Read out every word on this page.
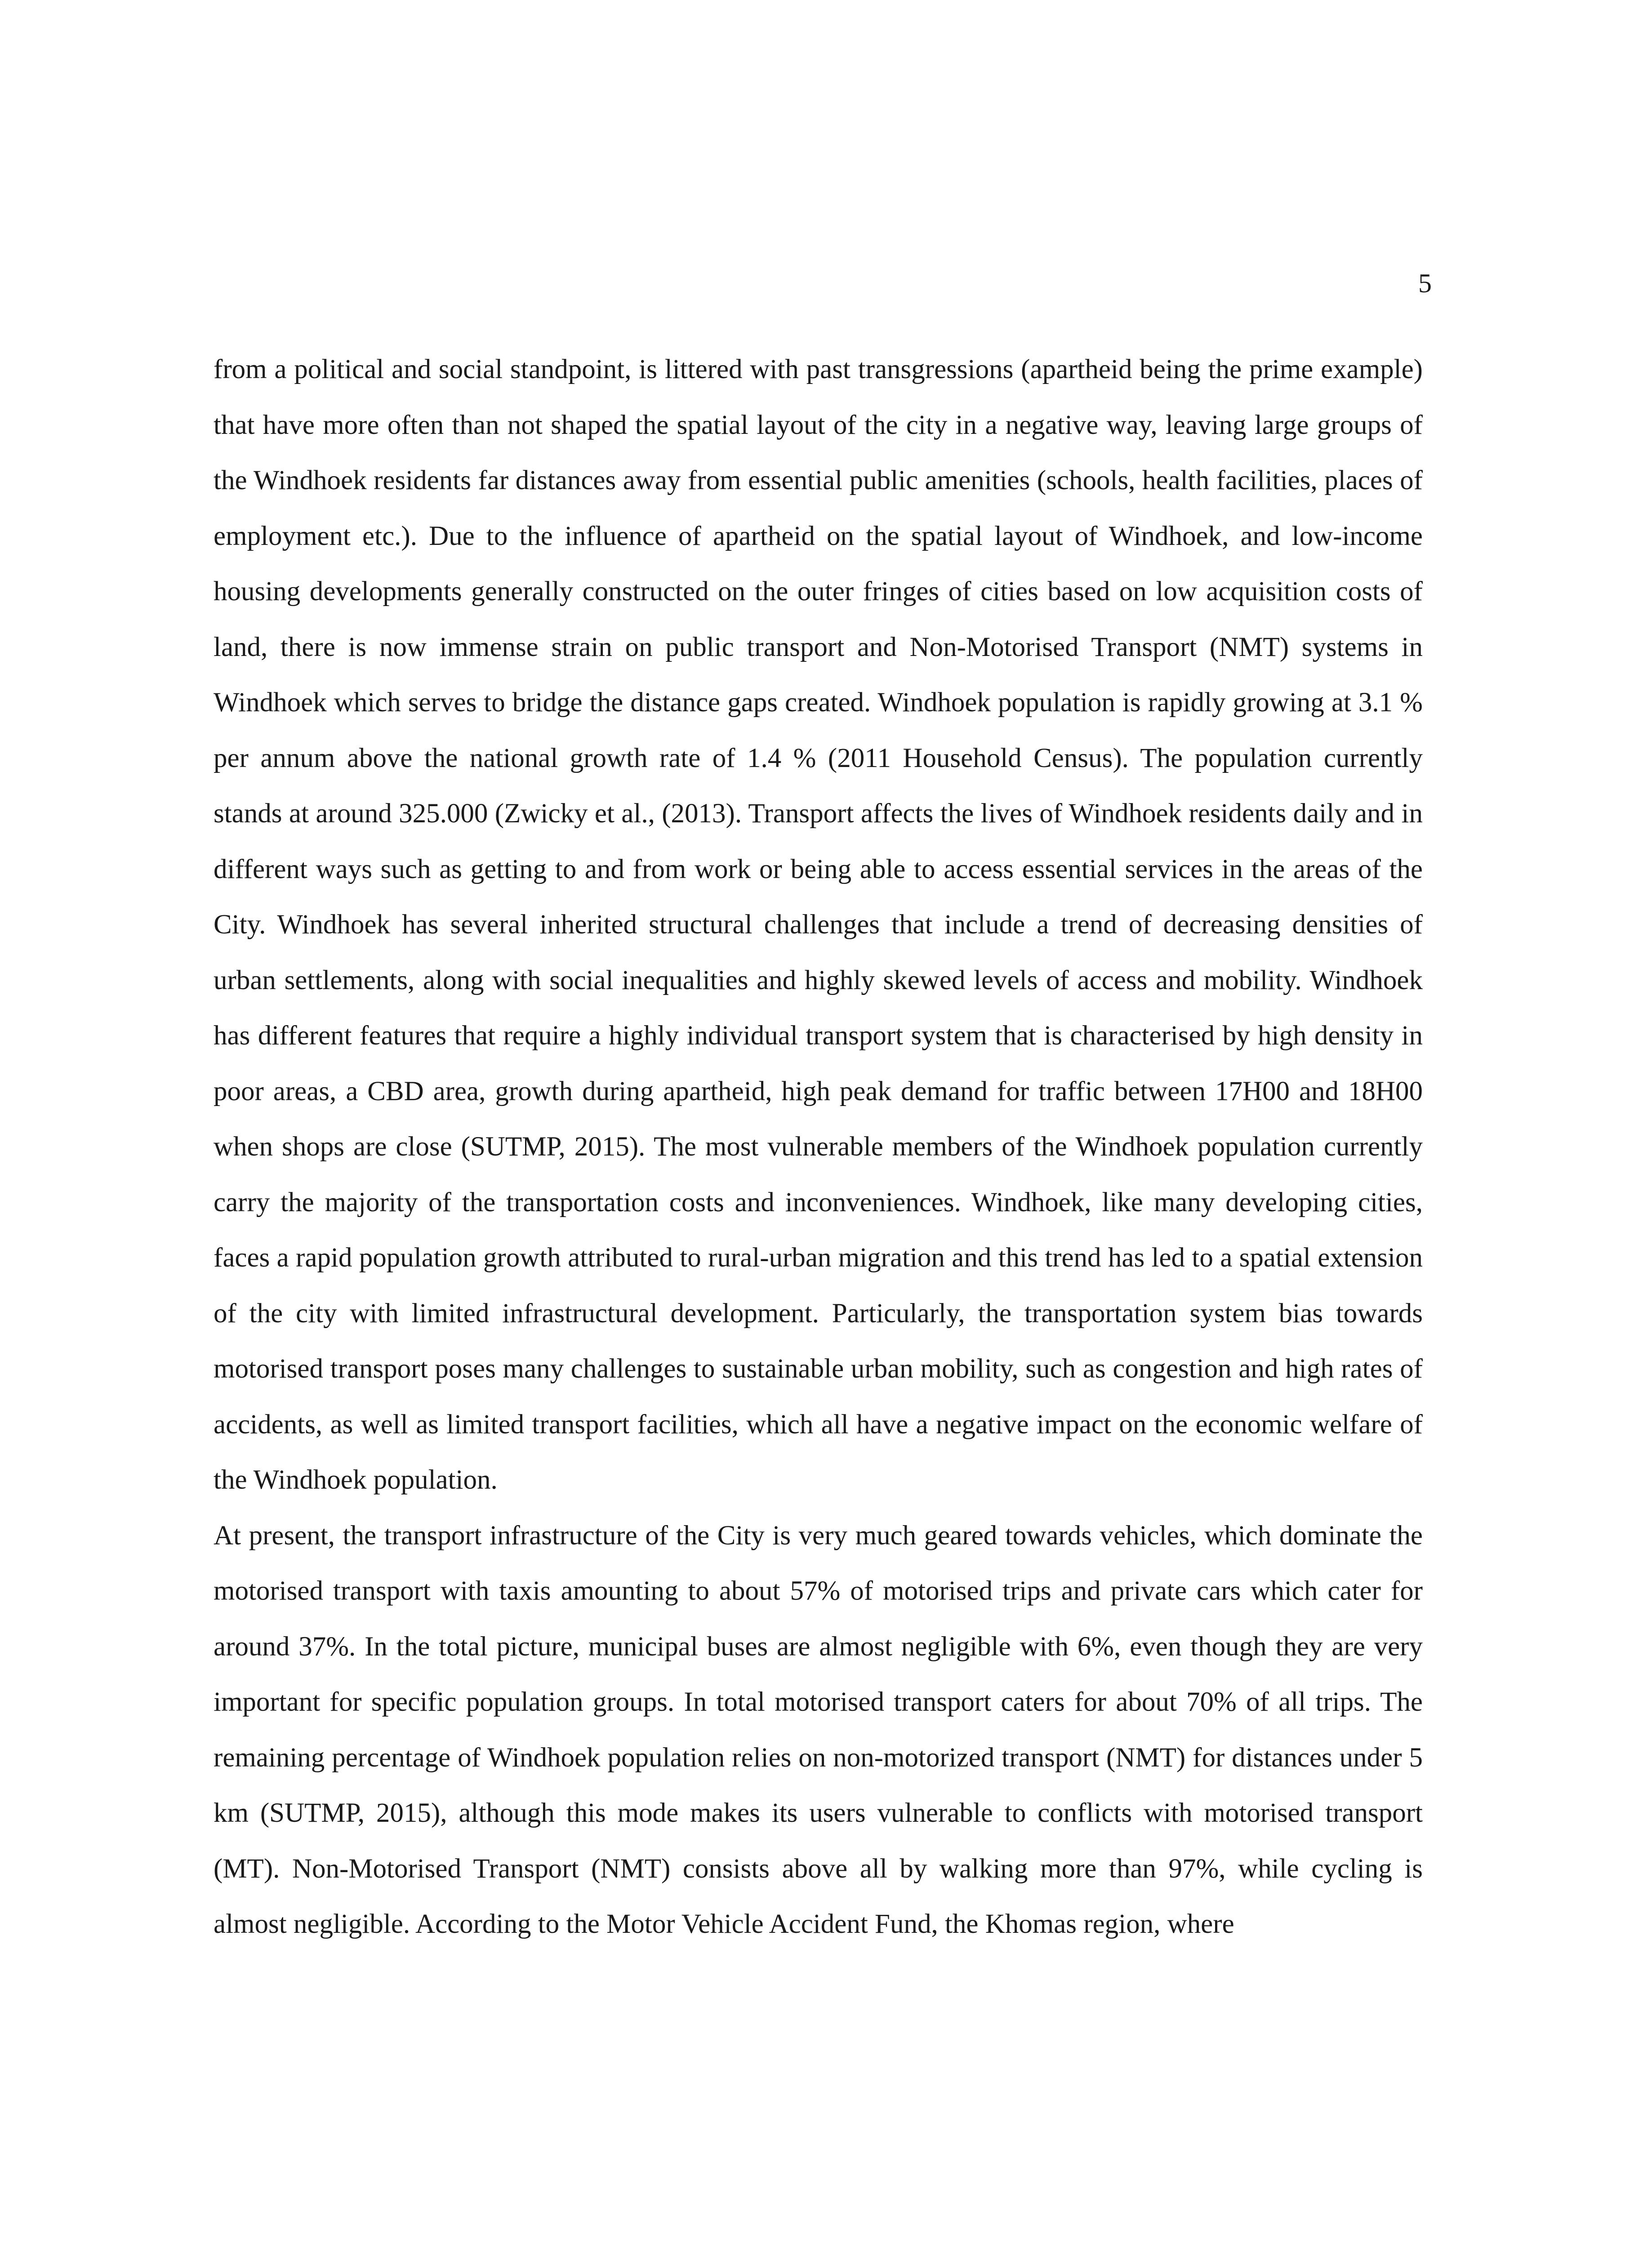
5

from a political and social standpoint, is littered with past transgressions (apartheid being the prime example) that have more often than not shaped the spatial layout of the city in a negative way, leaving large groups of the Windhoek residents far distances away from essential public amenities (schools, health facilities, places of employment etc.). Due to the influence of apartheid on the spatial layout of Windhoek, and low-income housing developments generally constructed on the outer fringes of cities based on low acquisition costs of land, there is now immense strain on public transport and Non-Motorised Transport (NMT) systems in Windhoek which serves to bridge the distance gaps created. Windhoek population is rapidly growing at 3.1 % per annum above the national growth rate of 1.4 % (2011 Household Census). The population currently stands at around 325.000 (Zwicky et al., (2013). Transport affects the lives of Windhoek residents daily and in different ways such as getting to and from work or being able to access essential services in the areas of the City. Windhoek has several inherited structural challenges that include a trend of decreasing densities of urban settlements, along with social inequalities and highly skewed levels of access and mobility. Windhoek has different features that require a highly individual transport system that is characterised by high density in poor areas, a CBD area, growth during apartheid, high peak demand for traffic between 17H00 and 18H00 when shops are close (SUTMP, 2015). The most vulnerable members of the Windhoek population currently carry the majority of the transportation costs and inconveniences. Windhoek, like many developing cities, faces a rapid population growth attributed to rural-urban migration and this trend has led to a spatial extension of the city with limited infrastructural development. Particularly, the transportation system bias towards motorised transport poses many challenges to sustainable urban mobility, such as congestion and high rates of accidents, as well as limited transport facilities, which all have a negative impact on the economic welfare of the Windhoek population.

At present, the transport infrastructure of the City is very much geared towards vehicles, which dominate the motorised transport with taxis amounting to about 57% of motorised trips and private cars which cater for around 37%. In the total picture, municipal buses are almost negligible with 6%, even though they are very important for specific population groups. In total motorised transport caters for about 70% of all trips. The remaining percentage of Windhoek population relies on non-motorized transport (NMT) for distances under 5 km (SUTMP, 2015), although this mode makes its users vulnerable to conflicts with motorised transport (MT). Non-Motorised Transport (NMT) consists above all by walking more than 97%, while cycling is almost negligible. According to the Motor Vehicle Accident Fund, the Khomas region, where
